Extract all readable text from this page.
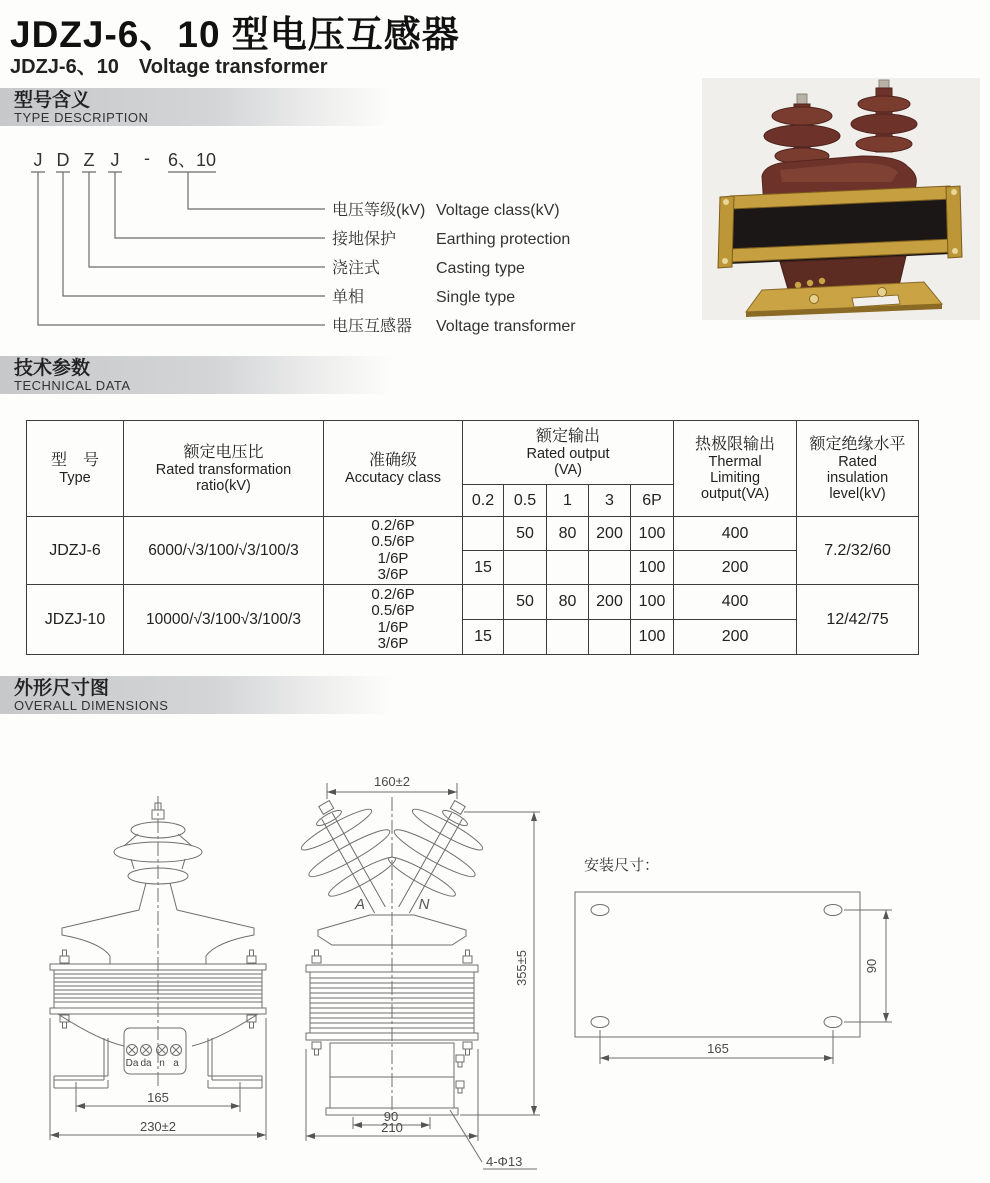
JDZJ-6、10 型电压互感器
JDZJ-6、10　Voltage transformer
型号含义
TYPE DESCRIPTION
J D Z J - 6、10
电压等级(kV) Voltage class(kV)
接地保护 Earthing protection
浇注式	Casting type
单相	Single type
电压互感器 Voltage transformer
技术参数
TECHNICAL DATA
型　号
Type

额定电压比
Rated transformation ratio(kV)

准确级
Accutacy class

额定输出
Rated output
(VA)

热极限输出
Thermal Limiting output(VA)

额定绝缘水平
Rated insulation level(kV)

			0.2	0.5	1	3	6P		
JDZJ-6	6000/√3/100/√3/100/3	0.2/6P
0.5/6P
1/6P
3/6P		50	80	200	100	400	7.2/32/60
			15				100	200	
JDZJ-10	10000/√3/100√3/100/3	0.2/6P
0.5/6P
1/6P
3/6P		50	80	200	100	400	12/42/75
			15				100	200	
外形尺寸图
OVERALL DIMENSIONS
Da da n a
165
230±2
A	N
160±2
355±5
90
210
4-Φ13
安装尺寸：
90
165
